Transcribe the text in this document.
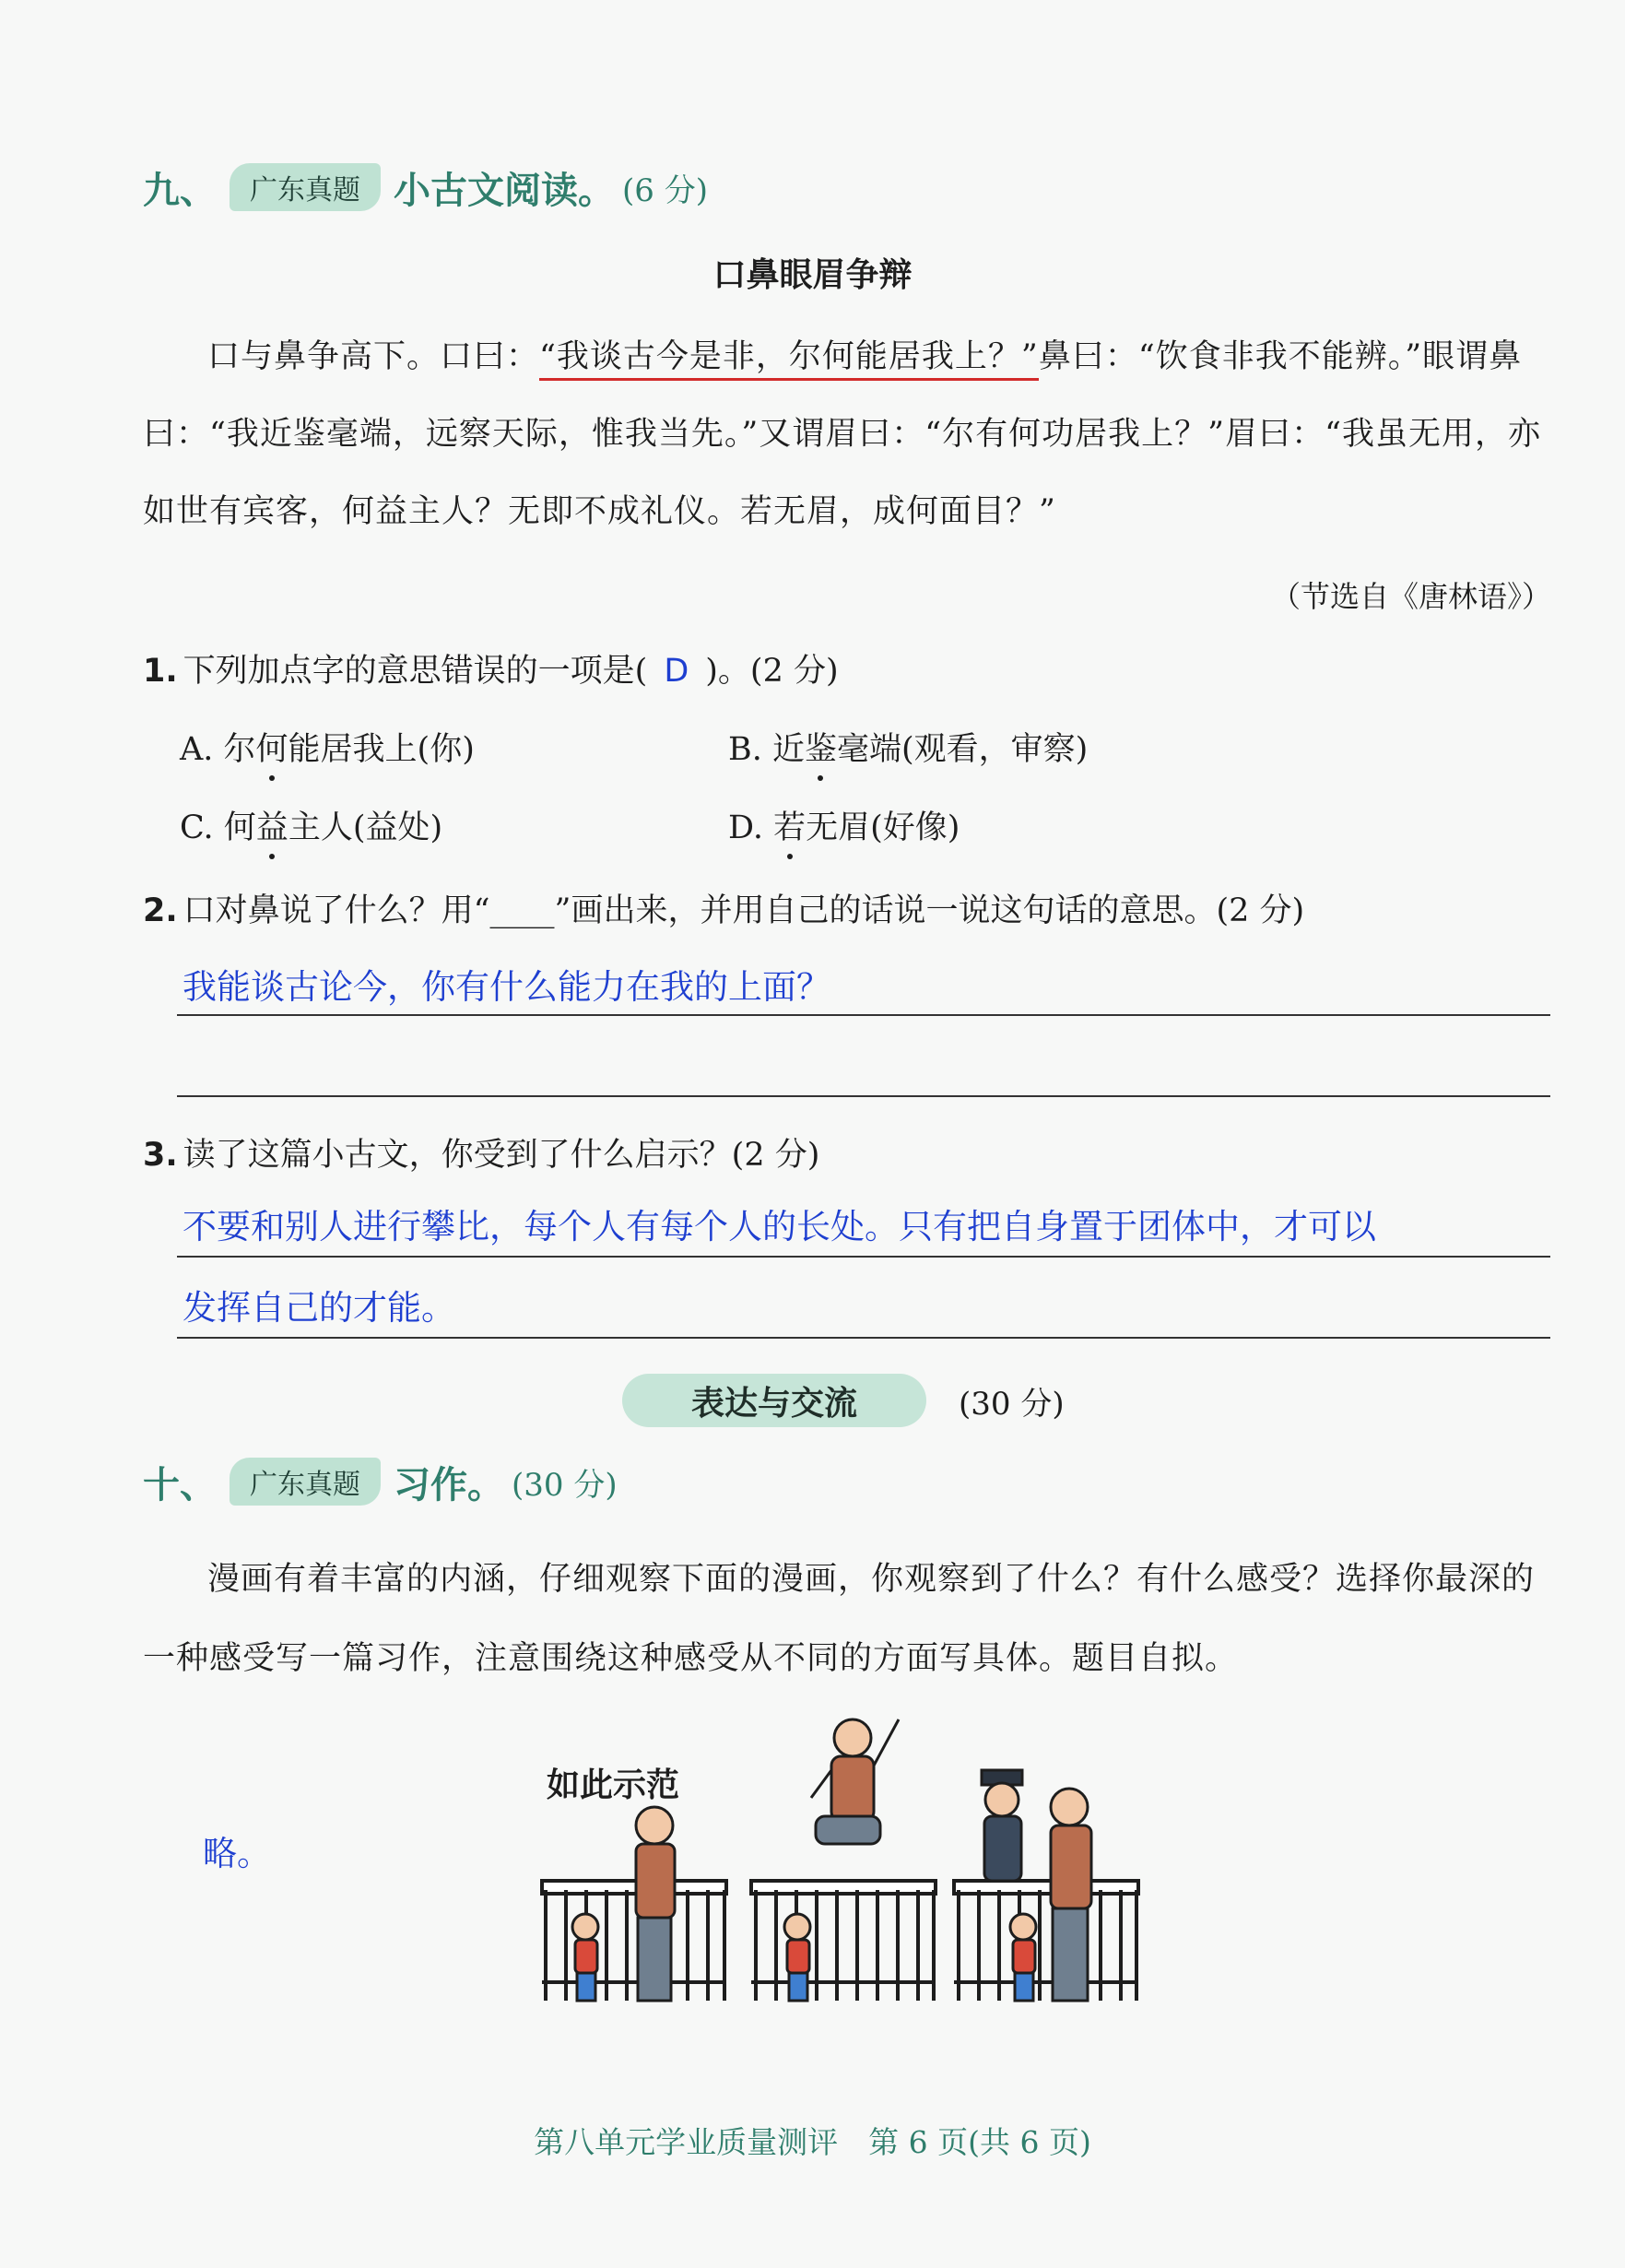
九、	广东真题 小古文阅读。 (6 分)
口鼻眼眉争辩
口与鼻争高下。口曰：“我谈古今是非，尔何能居我上？”鼻曰：“饮食非我不能辨。”眼谓鼻曰：“我近鉴毫端，远察天际，惟我当先。”又谓眉曰：“尔有何功居我上？”眉曰：“我虽无用，亦如世有宾客，何益主人？无即不成礼仪。若无眉，成何面目？”
（节选自《唐林语》）
1. 下列加点字的意思错误的一项是( D )。(2 分)
A. 尔何能居我上(你)	B. 近鉴毫端(观看，审察)
C. 何益主人(益处)	D. 若无眉(好像)
2. 口对鼻说了什么？用“____”画出来，并用自己的话说一说这句话的意思。(2 分)
我能谈古论今，你有什么能力在我的上面？
3. 读了这篇小古文，你受到了什么启示？(2 分)
不要和别人进行攀比，每个人有每个人的长处。只有把自身置于团体中，才可以
发挥自己的才能。
表达与交流	(30 分)
十、	广东真题 习作。 (30 分)
漫画有着丰富的内涵，仔细观察下面的漫画，你观察到了什么？有什么感受？选择你最深的一种感受写一篇习作，注意围绕这种感受从不同的方面写具体。题目自拟。
略。
如此示范
第八单元学业质量测评　第 6 页(共 6 页)
